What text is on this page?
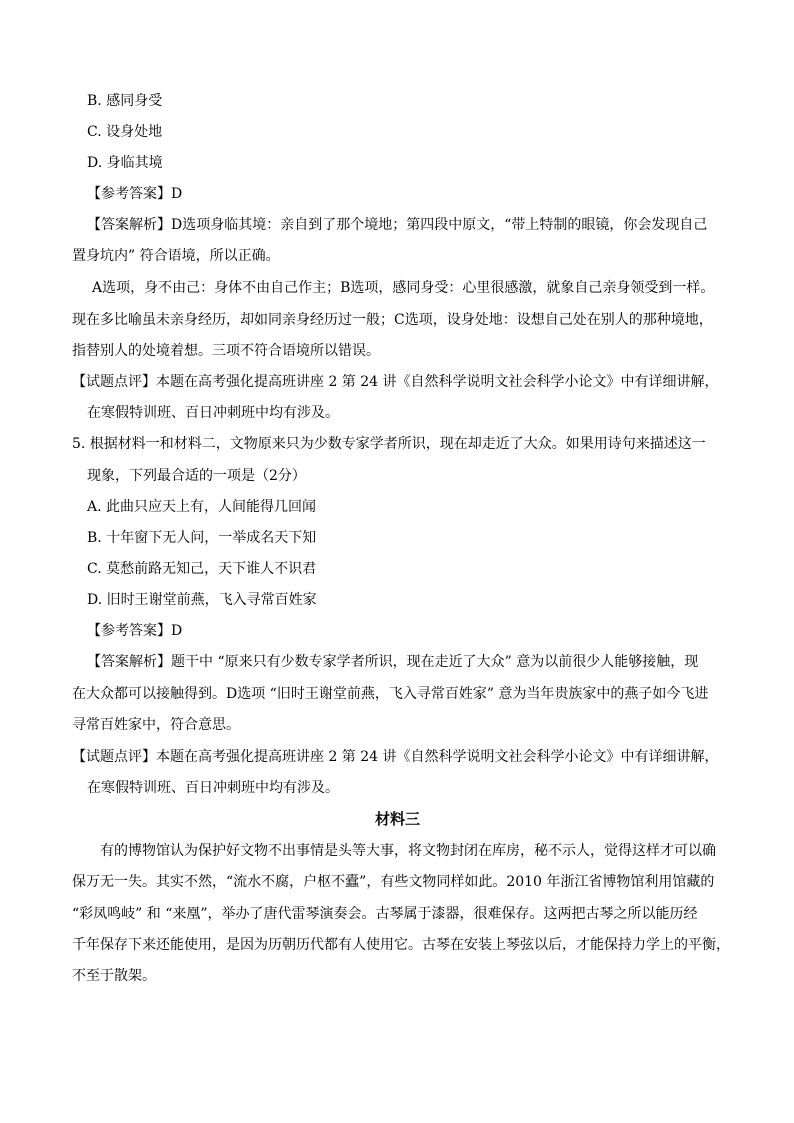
B. 感同身受
C. 设身处地
D. 身临其境
【参考答案】D
【答案解析】D选项身临其境：亲自到了那个境地；第四段中原文，“带上特制的眼镜，你会发现自己
置身坑内” 符合语境，所以正确。
A选项，身不由己：身体不由自己作主；B选项，感同身受：心里很感激，就象自己亲身领受到一样。
现在多比喻虽未亲身经历，却如同亲身经历过一般；C选项，设身处地：设想自己处在别人的那种境地，
指替别人的处境着想。三项不符合语境所以错误。
【试题点评】本题在高考强化提高班讲座 2 第 24 讲《自然科学说明文社会科学小论文》中有详细讲解，
在寒假特训班、百日冲刺班中均有涉及。
5. 根据材料一和材料二，文物原来只为少数专家学者所识，现在却走近了大众。如果用诗句来描述这一
现象，下列最合适的一项是（2分）
A. 此曲只应天上有，人间能得几回闻
B. 十年窗下无人问，一举成名天下知
C. 莫愁前路无知己，天下谁人不识君
D. 旧时王谢堂前燕，飞入寻常百姓家
【参考答案】D
【答案解析】题干中 “原来只有少数专家学者所识，现在走近了大众” 意为以前很少人能够接触，现
在大众都可以接触得到。D选项 “旧时王谢堂前燕，飞入寻常百姓家” 意为当年贵族家中的燕子如今飞进
寻常百姓家中，符合意思。
【试题点评】本题在高考强化提高班讲座 2 第 24 讲《自然科学说明文社会科学小论文》中有详细讲解，
在寒假特训班、百日冲刺班中均有涉及。
材料三
有的博物馆认为保护好文物不出事情是头等大事，将文物封闭在库房，秘不示人，觉得这样才可以确
保万无一失。其实不然，“流水不腐，户枢不蠹”，有些文物同样如此。2010 年浙江省博物馆利用馆藏的
“彩凤鸣岐” 和 “来凰”，举办了唐代雷琴演奏会。古琴属于漆器，很难保存。这两把古琴之所以能历经
千年保存下来还能使用，是因为历朝历代都有人使用它。古琴在安装上琴弦以后，才能保持力学上的平衡，
不至于散架。
